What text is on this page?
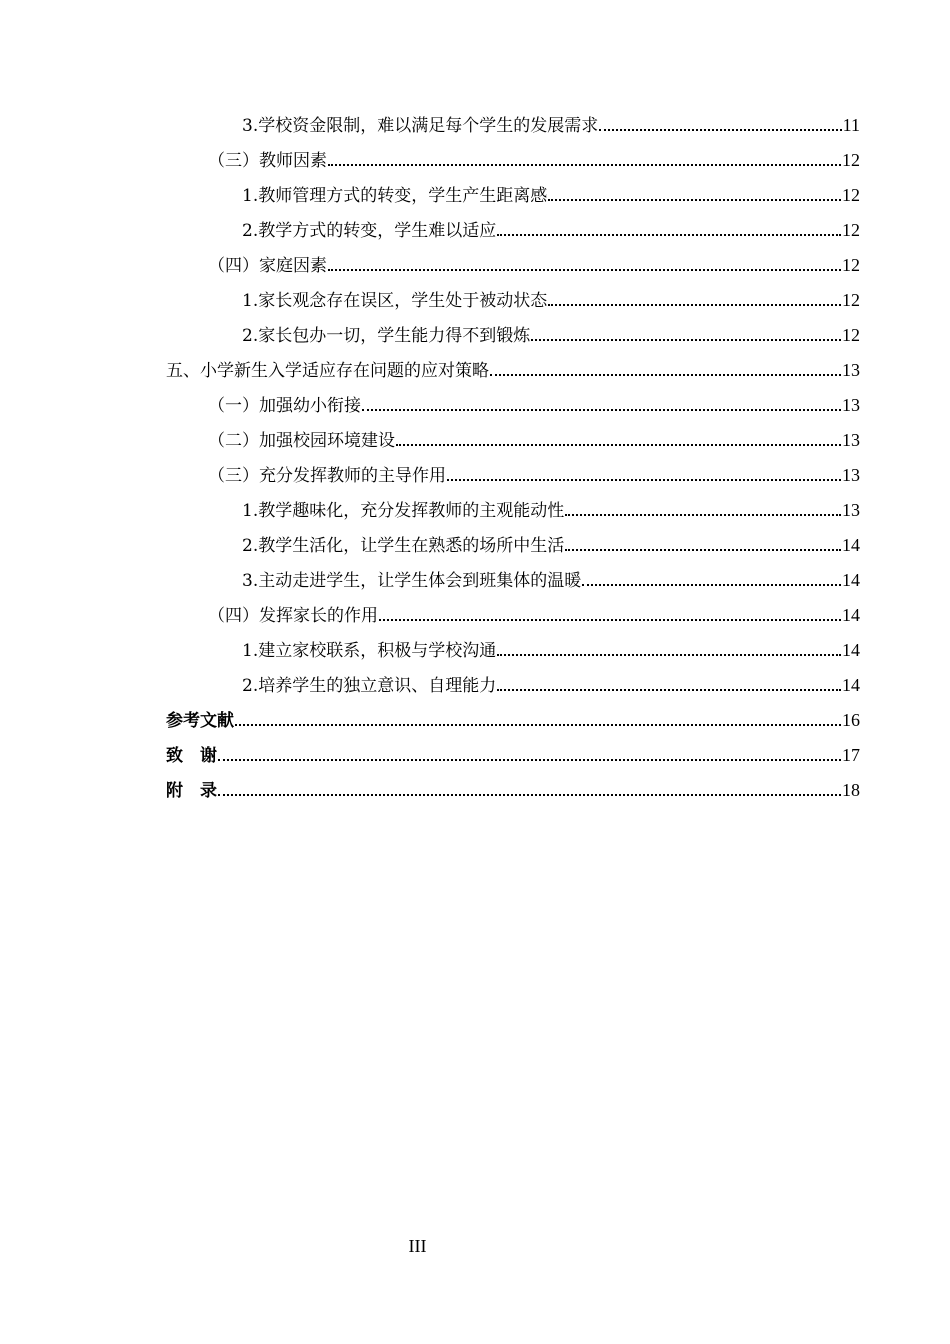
3.学校资金限制，难以满足每个学生的发展需求	11
（三）教师因素	12
1.教师管理方式的转变，学生产生距离感	12
2.教学方式的转变，学生难以适应	12
（四）家庭因素	12
1.家长观念存在误区，学生处于被动状态	12
2.家长包办一切，学生能力得不到锻炼	12
五、小学新生入学适应存在问题的应对策略	13
（一）加强幼小衔接	13
（二）加强校园环境建设	13
（三）充分发挥教师的主导作用	13
1.教学趣味化，充分发挥教师的主观能动性	13
2.教学生活化，让学生在熟悉的场所中生活	14
3.主动走进学生，让学生体会到班集体的温暖	14
（四）发挥家长的作用	14
1.建立家校联系，积极与学校沟通	14
2.培养学生的独立意识、自理能力	14
参考文献	16
致　谢	17
附　录	18
III
